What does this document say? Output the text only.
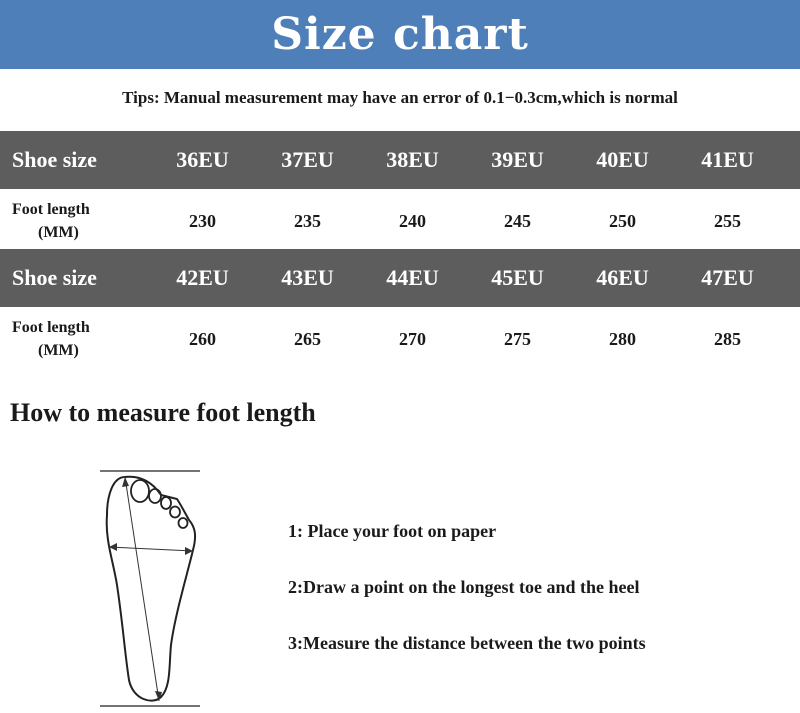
Size chart
Tips: Manual measurement may have an error of 0.1−0.3cm,which is normal
Shoe size	36EU	37EU	38EU	39EU	40EU	41EU
Foot length
(MM)
230	235	240	245	250	255
Shoe size	42EU	43EU	44EU	45EU	46EU	47EU
Foot length
(MM)
260	265	270	275	280	285
How to measure foot length
1: Place your foot on paper
2:Draw a point on the longest toe and the heel
3:Measure the distance between the two points
